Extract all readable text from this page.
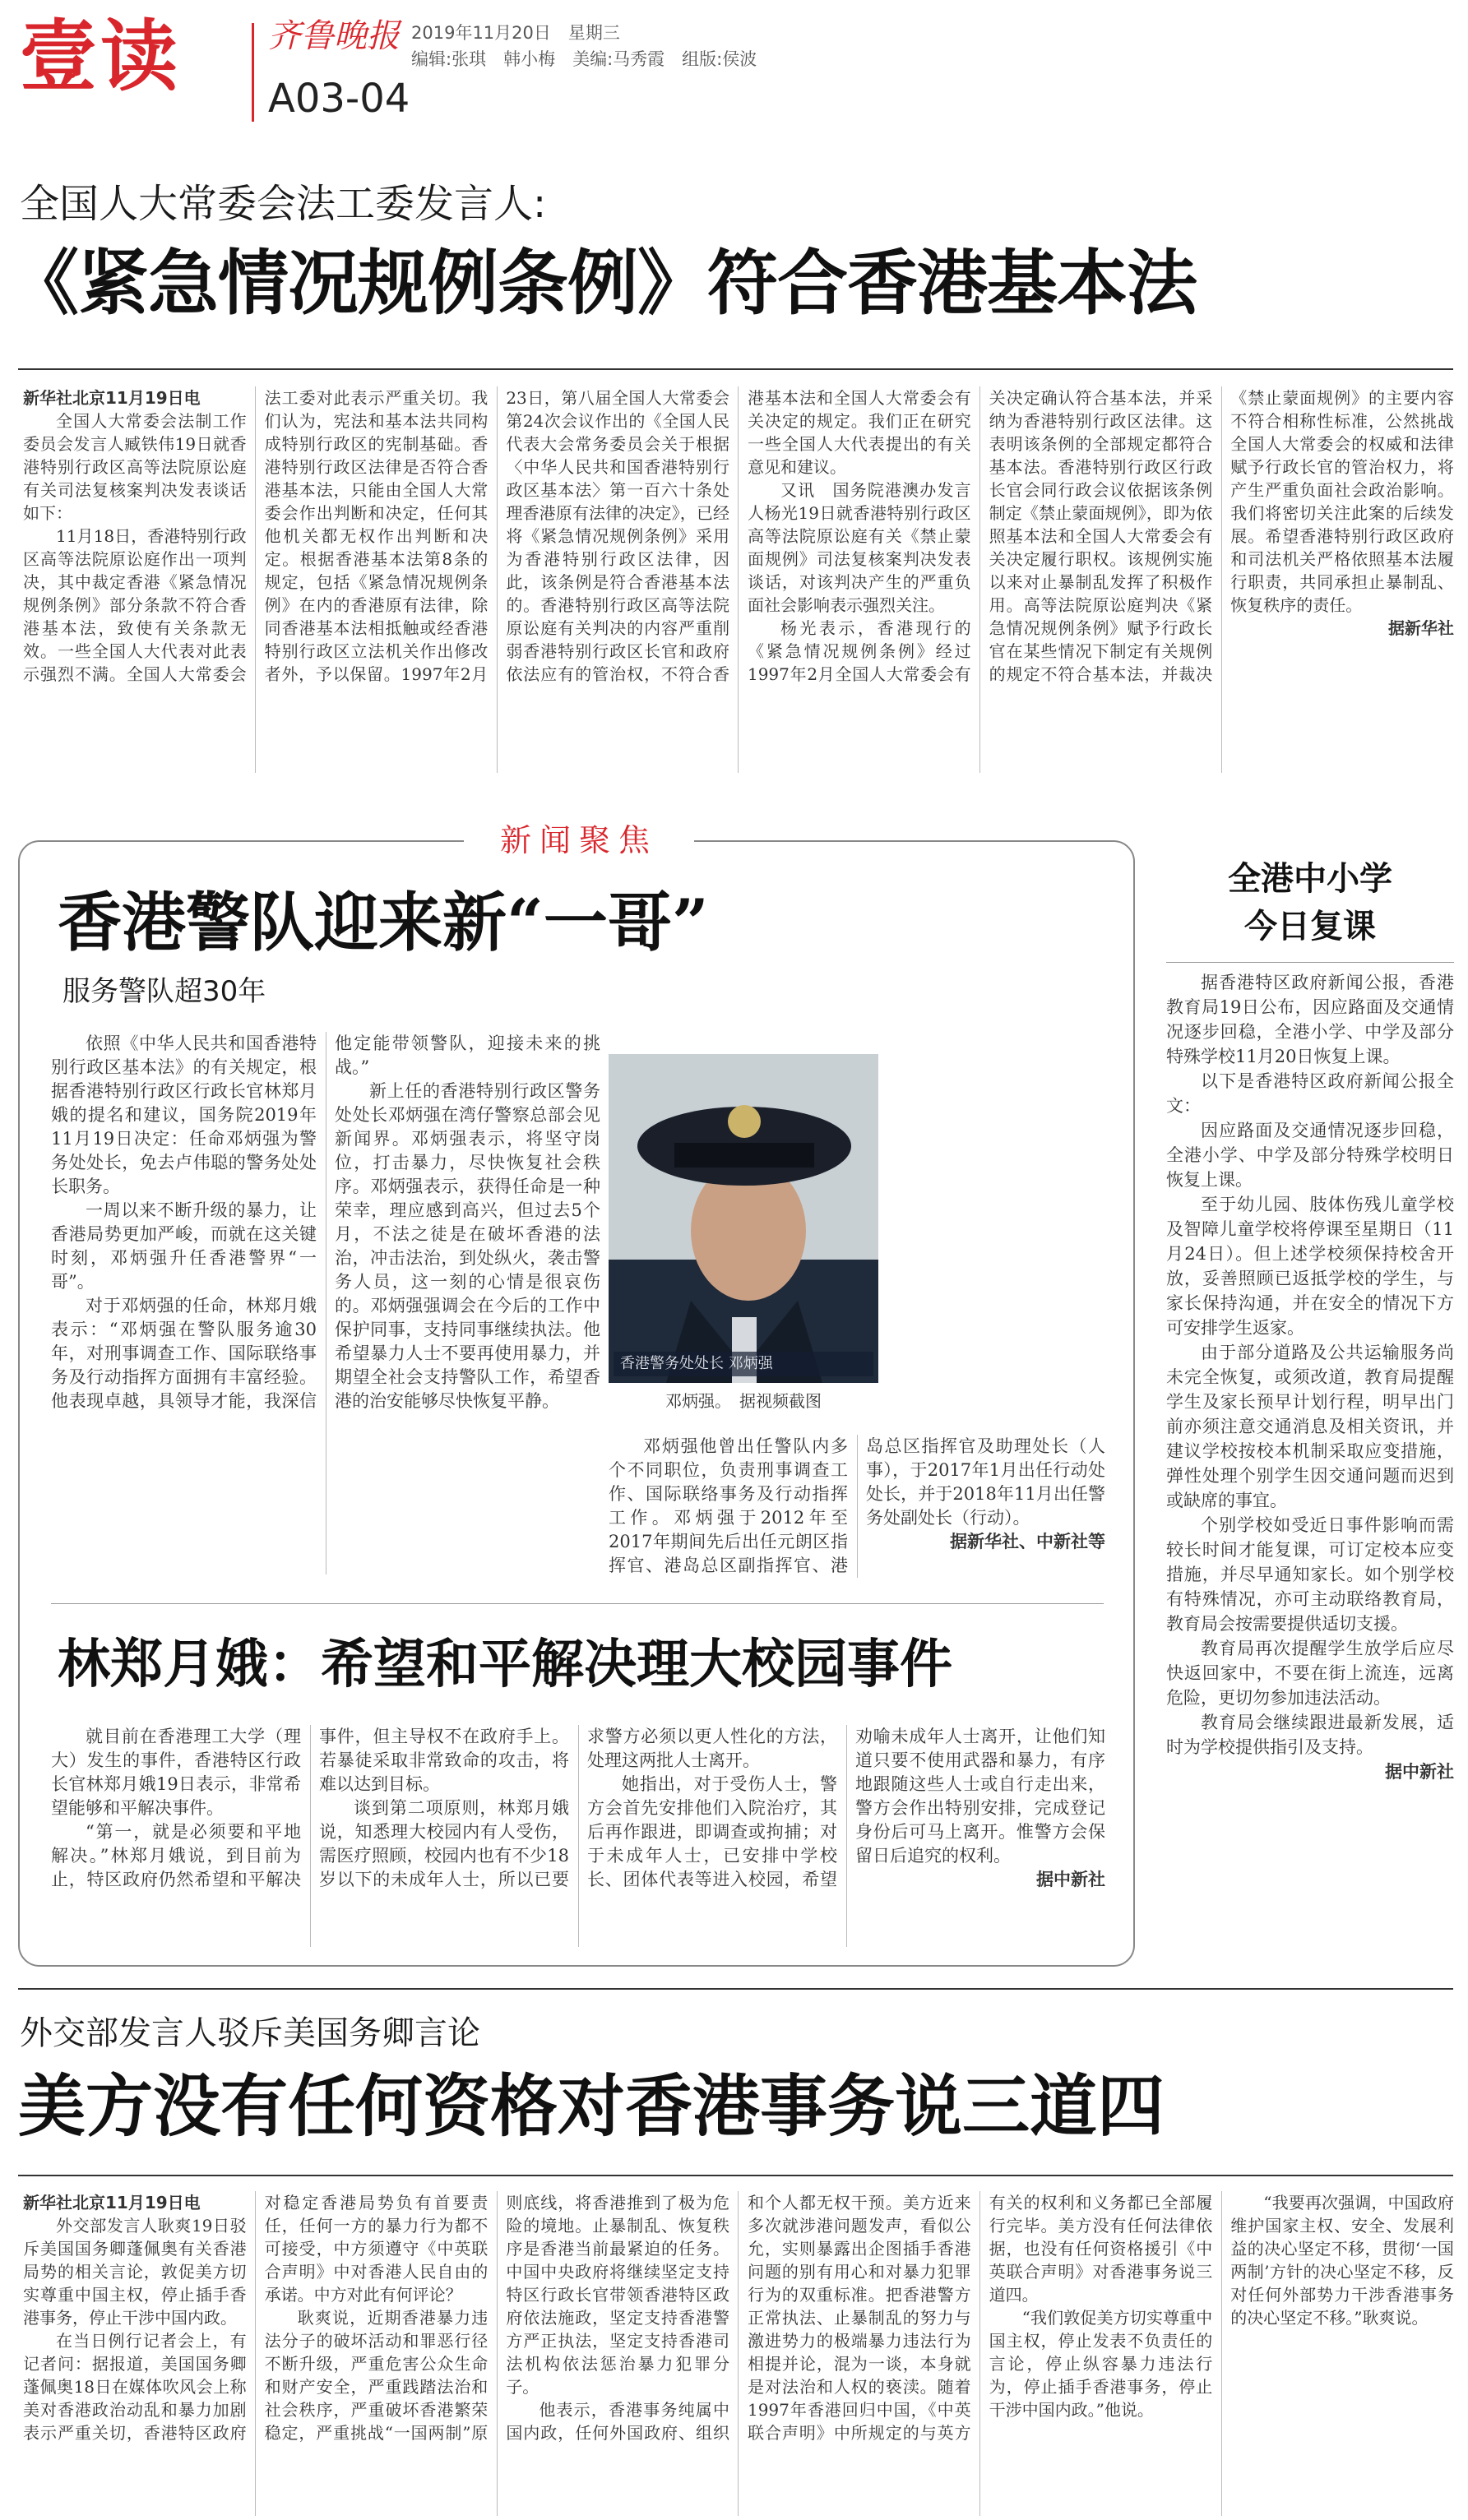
壹读	齐鲁晚报
A03-04
2019年11月20日　星期三
编辑:张琪　韩小梅　美编:马秀霞　组版:侯波
全国人大常委会法工委发言人:
《紧急情况规例条例》符合香港基本法

新华社北京11月19日电

全国人大常委会法制工作委员会发言人臧铁伟19日就香港特别行政区高等法院原讼庭有关司法复核案判决发表谈话如下：

11月18日，香港特别行政区高等法院原讼庭作出一项判决，其中裁定香港《紧急情况规例条例》部分条款不符合香港基本法，致使有关条款无效。一些全国人大代表对此表示强烈不满。全国人大常委会法工委对此表示严重关切。我们认为，宪法和基本法共同构成特别行政区的宪制基础。香港特别行政区法律是否符合香港基本法，只能由全国人大常委会作出判断和决定，任何其他机关都无权作出判断和决定。根据香港基本法第8条的规定，包括《紧急情况规例条例》在内的香港原有法律，除同香港基本法相抵触或经香港特别行政区立法机关作出修改者外，予以保留。1997年2月23日，第八届全国人大常委会第24次会议作出的《全国人民代表大会常务委员会关于根据〈中华人民共和国香港特别行政区基本法〉第一百六十条处理香港原有法律的决定》，已经将《紧急情况规例条例》采用为香港特别行政区法律，因此，该条例是符合香港基本法的。香港特别行政区高等法院原讼庭有关判决的内容严重削弱香港特别行政区长官和政府依法应有的管治权，不符合香港基本法和全国人大常委会有关决定的规定。我们正在研究一些全国人大代表提出的有关意见和建议。

又讯　国务院港澳办发言人杨光19日就香港特别行政区高等法院原讼庭有关《禁止蒙面规例》司法复核案判决发表谈话，对该判决产生的严重负面社会影响表示强烈关注。

杨光表示，香港现行的《紧急情况规例条例》经过1997年2月全国人大常委会有关决定确认符合基本法，并采纳为香港特别行政区法律。这表明该条例的全部规定都符合基本法。香港特别行政区行政长官会同行政会议依据该条例制定《禁止蒙面规例》，即为依照基本法和全国人大常委会有关决定履行职权。该规例实施以来对止暴制乱发挥了积极作用。高等法院原讼庭判决《紧急情况规例条例》赋予行政长官在某些情况下制定有关规例的规定不符合基本法，并裁决《禁止蒙面规例》的主要内容不符合相称性标准，公然挑战全国人大常委会的权威和法律赋予行政长官的管治权力，将产生严重负面社会政治影响。我们将密切关注此案的后续发展。希望香港特别行政区政府和司法机关严格依照基本法履行职责，共同承担止暴制乱、恢复秩序的责任。

据新华社

新闻聚焦
香港警队迎来新“一哥”
服务警队超30年

依照《中华人民共和国香港特别行政区基本法》的有关规定，根据香港特别行政区行政长官林郑月娥的提名和建议，国务院2019年11月19日决定：任命邓炳强为警务处处长，免去卢伟聪的警务处处长职务。

一周以来不断升级的暴力，让香港局势更加严峻，而就在这关键时刻，邓炳强升任香港警界“一哥”。

对于邓炳强的任命，林郑月娥表示：“邓炳强在警队服务逾30年，对刑事调查工作、国际联络事务及行动指挥方面拥有丰富经验。他表现卓越，具领导才能，我深信他定能带领警队，迎接未来的挑战。”

新上任的香港特别行政区警务处处长邓炳强在湾仔警察总部会见新闻界。邓炳强表示，将坚守岗位，打击暴力，尽快恢复社会秩序。邓炳强表示，获得任命是一种荣幸，理应感到高兴，但过去5个月，不法之徒是在破坏香港的法治，冲击法治，到处纵火，袭击警务人员，这一刻的心情是很哀伤的。邓炳强强调会在今后的工作中保护同事，支持同事继续执法。他希望暴力人士不要再使用暴力，并期望全社会支持警队工作，希望香港的治安能够尽快恢复平静。

香港警务处处长 邓炳强
邓炳强。　据视频截图

邓炳强他曾出任警队内多个不同职位，负责刑事调查工作、国际联络事务及行动指挥工作。邓炳强于2012年至2017年期间先后出任元朗区指挥官、港岛总区副指挥官、港岛总区指挥官及助理处长（人事），于2017年1月出任行动处处长，并于2018年11月出任警务处副处长（行动）。

据新华社、中新社等

林郑月娥：希望和平解决理大校园事件

就目前在香港理工大学（理大）发生的事件，香港特区行政长官林郑月娥19日表示，非常希望能够和平解决事件。

“第一，就是必须要和平地解决。”林郑月娥说，到目前为止，特区政府仍然希望和平解决事件，但主导权不在政府手上。若暴徒采取非常致命的攻击，将难以达到目标。

谈到第二项原则，林郑月娥说，知悉理大校园内有人受伤，需医疗照顾，校园内也有不少18岁以下的未成年人士，所以已要求警方必须以更人性化的方法，处理这两批人士离开。

她指出，对于受伤人士，警方会首先安排他们入院治疗，其后再作跟进，即调查或拘捕；对于未成年人士，已安排中学校长、团体代表等进入校园，希望劝喻未成年人士离开，让他们知道只要不使用武器和暴力，有序地跟随这些人士或自行走出来，警方会作出特别安排，完成登记身份后可马上离开。惟警方会保留日后追究的权利。

据中新社

全港中小学
今日复课

据香港特区政府新闻公报，香港教育局19日公布，因应路面及交通情况逐步回稳，全港小学、中学及部分特殊学校11月20日恢复上课。

以下是香港特区政府新闻公报全文：

因应路面及交通情况逐步回稳，全港小学、中学及部分特殊学校明日恢复上课。

至于幼儿园、肢体伤残儿童学校及智障儿童学校将停课至星期日（11月24日）。但上述学校须保持校舍开放，妥善照顾已返抵学校的学生，与家长保持沟通，并在安全的情况下方可安排学生返家。

由于部分道路及公共运输服务尚未完全恢复，或须改道，教育局提醒学生及家长预早计划行程，明早出门前亦须注意交通消息及相关资讯，并建议学校按校本机制采取应变措施，弹性处理个别学生因交通问题而迟到或缺席的事宜。

个别学校如受近日事件影响而需较长时间才能复课，可订定校本应变措施，并尽早通知家长。如个别学校有特殊情况，亦可主动联络教育局，教育局会按需要提供适切支援。

教育局再次提醒学生放学后应尽快返回家中，不要在街上流连，远离危险，更切勿参加违法活动。

教育局会继续跟进最新发展，适时为学校提供指引及支持。

据中新社

外交部发言人驳斥美国务卿言论
美方没有任何资格对香港事务说三道四

新华社北京11月19日电

外交部发言人耿爽19日驳斥美国国务卿蓬佩奥有关香港局势的相关言论，敦促美方切实尊重中国主权，停止插手香港事务，停止干涉中国内政。

在当日例行记者会上，有记者问：据报道，美国国务卿蓬佩奥18日在媒体吹风会上称美对香港政治动乱和暴力加剧表示严重关切，香港特区政府对稳定香港局势负有首要责任，任何一方的暴力行为都不可接受，中方须遵守《中英联合声明》中对香港人民自由的承诺。中方对此有何评论？

耿爽说，近期香港暴力违法分子的破坏活动和罪恶行径不断升级，严重危害公众生命和财产安全，严重践踏法治和社会秩序，严重破坏香港繁荣稳定，严重挑战“一国两制”原则底线，将香港推到了极为危险的境地。止暴制乱、恢复秩序是香港当前最紧迫的任务。中国中央政府将继续坚定支持特区行政长官带领香港特区政府依法施政，坚定支持香港警方严正执法，坚定支持香港司法机构依法惩治暴力犯罪分子。

他表示，香港事务纯属中国内政，任何外国政府、组织和个人都无权干预。美方近来多次就涉港问题发声，看似公允，实则暴露出企图插手香港问题的别有用心和对暴力犯罪行为的双重标准。把香港警方正常执法、止暴制乱的努力与激进势力的极端暴力违法行为相提并论，混为一谈，本身就是对法治和人权的亵渎。随着1997年香港回归中国，《中英联合声明》中所规定的与英方有关的权利和义务都已全部履行完毕。美方没有任何法律依据，也没有任何资格援引《中英联合声明》对香港事务说三道四。

“我们敦促美方切实尊重中国主权，停止发表不负责任的言论，停止纵容暴力违法行为，停止插手香港事务，停止干涉中国内政。”他说。

“我要再次强调，中国政府维护国家主权、安全、发展利益的决心坚定不移，贯彻‘一国两制’方针的决心坚定不移，反对任何外部势力干涉香港事务的决心坚定不移。”耿爽说。
